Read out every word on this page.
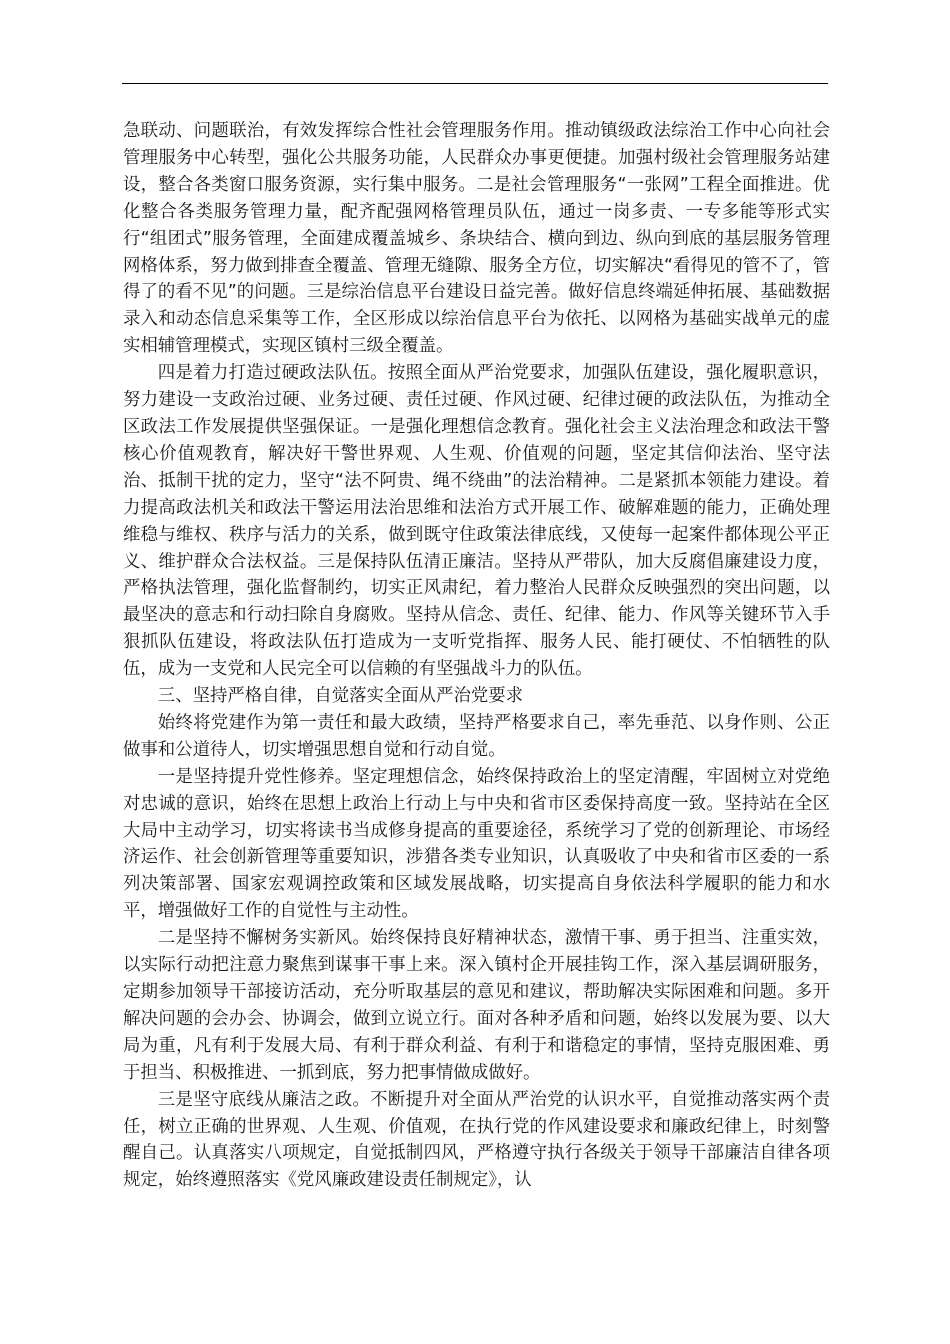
急联动、问题联治，有效发挥综合性社会管理服务作用。推动镇级政法综治工作中心向社会管理服务中心转型，强化公共服务功能，人民群众办事更便捷。加强村级社会管理服务站建设，整合各类窗口服务资源，实行集中服务。二是社会管理服务“一张网”工程全面推进。优化整合各类服务管理力量，配齐配强网格管理员队伍，通过一岗多责、一专多能等形式实行“组团式”服务管理，全面建成覆盖城乡、条块结合、横向到边、纵向到底的基层服务管理网格体系，努力做到排查全覆盖、管理无缝隙、服务全方位，切实解决“看得见的管不了，管得了的看不见”的问题。三是综治信息平台建设日益完善。做好信息终端延伸拓展、基础数据录入和动态信息采集等工作，全区形成以综治信息平台为依托、以网格为基础实战单元的虚实相辅管理模式，实现区镇村三级全覆盖。

四是着力打造过硬政法队伍。按照全面从严治党要求，加强队伍建设，强化履职意识，努力建设一支政治过硬、业务过硬、责任过硬、作风过硬、纪律过硬的政法队伍，为推动全区政法工作发展提供坚强保证。一是强化理想信念教育。强化社会主义法治理念和政法干警核心价值观教育，解决好干警世界观、人生观、价值观的问题，坚定其信仰法治、坚守法治、抵制干扰的定力，坚守“法不阿贵、绳不绕曲”的法治精神。二是紧抓本领能力建设。着力提高政法机关和政法干警运用法治思维和法治方式开展工作、破解难题的能力，正确处理维稳与维权、秩序与活力的关系，做到既守住政策法律底线，又使每一起案件都体现公平正义、维护群众合法权益。三是保持队伍清正廉洁。坚持从严带队，加大反腐倡廉建设力度，严格执法管理，强化监督制约，切实正风肃纪，着力整治人民群众反映强烈的突出问题，以最坚决的意志和行动扫除自身腐败。坚持从信念、责任、纪律、能力、作风等关键环节入手狠抓队伍建设，将政法队伍打造成为一支听党指挥、服务人民、能打硬仗、不怕牺牲的队伍，成为一支党和人民完全可以信赖的有坚强战斗力的队伍。

三、坚持严格自律，自觉落实全面从严治党要求

始终将党建作为第一责任和最大政绩，坚持严格要求自己，率先垂范、以身作则、公正做事和公道待人，切实增强思想自觉和行动自觉。

一是坚持提升党性修养。坚定理想信念，始终保持政治上的坚定清醒，牢固树立对党绝对忠诚的意识，始终在思想上政治上行动上与中央和省市区委保持高度一致。坚持站在全区大局中主动学习，切实将读书当成修身提高的重要途径，系统学习了党的创新理论、市场经济运作、社会创新管理等重要知识，涉猎各类专业知识，认真吸收了中央和省市区委的一系列决策部署、国家宏观调控政策和区域发展战略，切实提高自身依法科学履职的能力和水平，增强做好工作的自觉性与主动性。

二是坚持不懈树务实新风。始终保持良好精神状态，激情干事、勇于担当、注重实效，以实际行动把注意力聚焦到谋事干事上来。深入镇村企开展挂钩工作，深入基层调研服务，定期参加领导干部接访活动，充分听取基层的意见和建议，帮助解决实际困难和问题。多开解决问题的会办会、协调会，做到立说立行。面对各种矛盾和问题，始终以发展为要、以大局为重，凡有利于发展大局、有利于群众利益、有利于和谐稳定的事情，坚持克服困难、勇于担当、积极推进、一抓到底，努力把事情做成做好。

三是坚守底线从廉洁之政。不断提升对全面从严治党的认识水平，自觉推动落实两个责任，树立正确的世界观、人生观、价值观，在执行党的作风建设要求和廉政纪律上，时刻警醒自己。认真落实八项规定，自觉抵制四风，严格遵守执行各级关于领导干部廉洁自律各项规定，始终遵照落实《党风廉政建设责任制规定》，认
